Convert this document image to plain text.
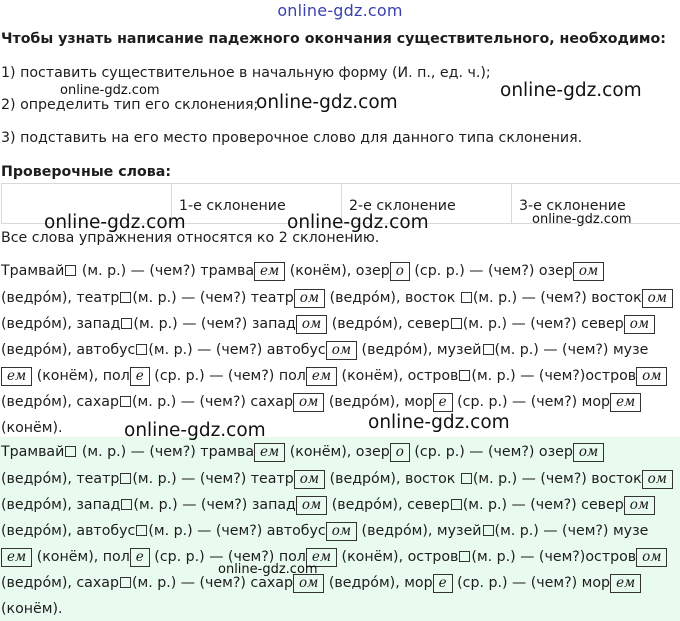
online-gdz.com
Чтобы узнать написание падежного окончания существительного, необходимо:
1) поставить существительное в начальную форму (И. п., ед. ч.);
2) определить тип его склонения;
3) подставить на его место проверочное слово для данного типа склонения.
Проверочные слова:
1-е склонение	2-е склонение	3-е склонение
Все слова упражнения относятся ко 2 склонению.
Трамвай (м. р.) — (чем?) трамва ем (конём), озер о (ср. р.) — (чем?) озер ом
(ведро́м), театр (м. р.) — (чем?) театр ом (ведро́м), восток (м. р.) — (чем?) восток ом
(ведро́м), запад (м. р.) — (чем?) запад ом (ведро́м), север (м. р.) — (чем?) север ом
(ведро́м), автобус (м. р.) — (чем?) автобус ом (ведро́м), музей (м. р.) — (чем?) музе
ем (конём), пол е (ср. р.) — (чем?) пол ем (конём), остров (м. р.) — (чем?)остров ом
(ведро́м), сахар (м. р.) — (чем?) сахар ом (ведро́м), мор е (ср. р.) — (чем?) мор ем
(конём).
Трамвай (м. р.) — (чем?) трамва ем (конём), озер о (ср. р.) — (чем?) озер ом
(ведро́м), театр (м. р.) — (чем?) театр ом (ведро́м), восток (м. р.) — (чем?) восток ом
(ведро́м), запад (м. р.) — (чем?) запад ом (ведро́м), север (м. р.) — (чем?) север ом
(ведро́м), автобус (м. р.) — (чем?) автобус ом (ведро́м), музей (м. р.) — (чем?) музе
ем (конём), пол е (ср. р.) — (чем?) пол ем (конём), остров (м. р.) — (чем?)остров ом
(ведро́м), сахар (м. р.) — (чем?) сахар ом (ведро́м), мор е (ср. р.) — (чем?) мор ем
(конём).
online-gdz.com
online-gdz.com
online-gdz.com
online-gdz.com	online-gdz.com	online-gdz.com
online-gdz.com	online-gdz.com
online-gdz.com
